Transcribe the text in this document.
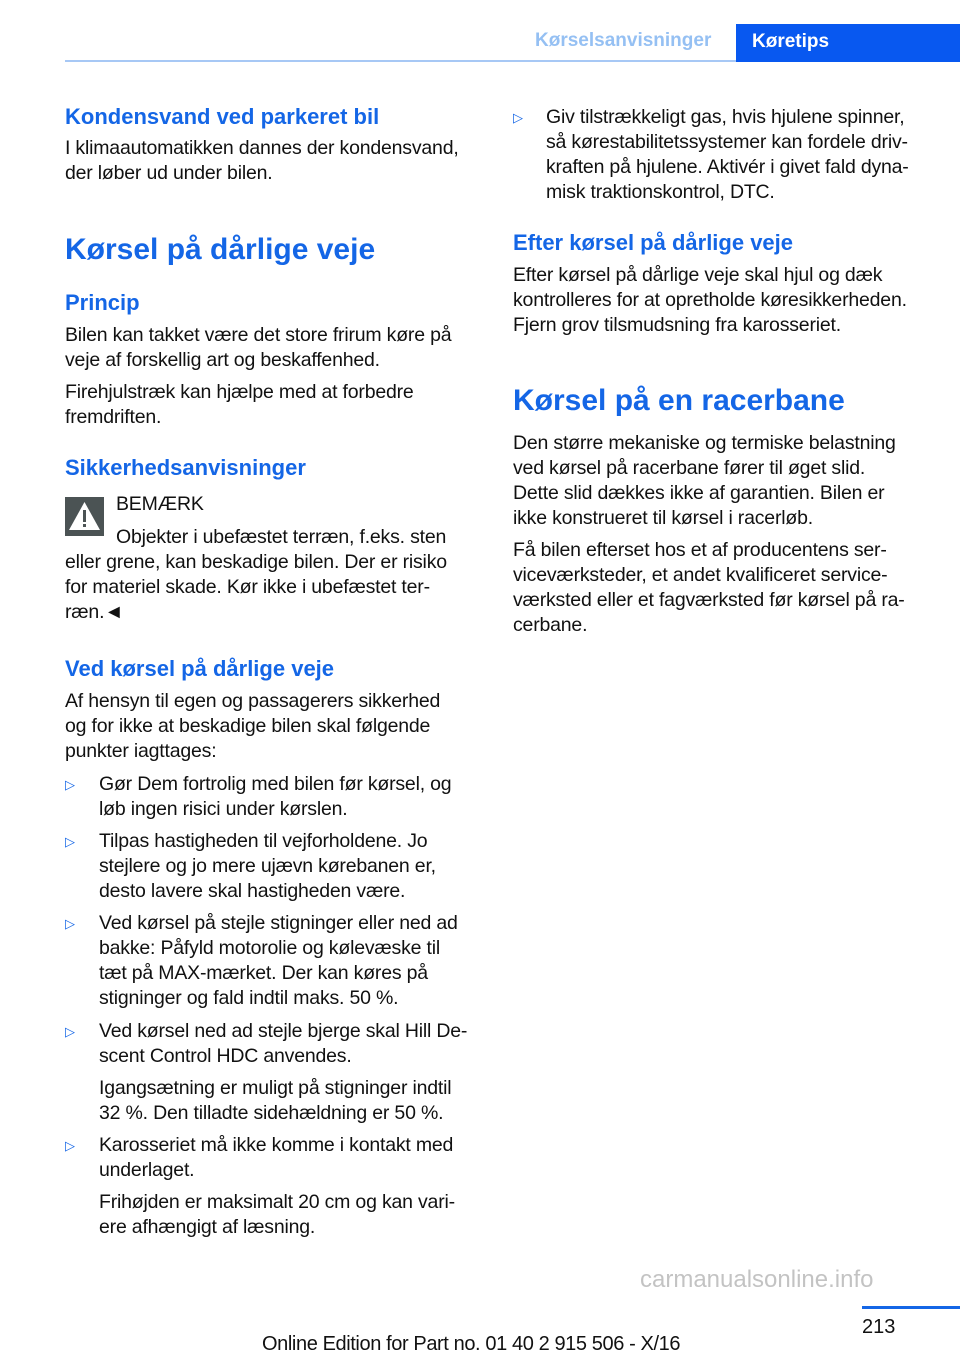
Kørselsanvisninger	Køretips
Kondensvand ved parkeret bil
I klimaautomatikken dannes der kondensvand,
der løber ud under bilen.
Kørsel på dårlige veje
Princip
Bilen kan takket være det store frirum køre på
veje af forskellig art og beskaffenhed.
Firehjulstræk kan hjælpe med at forbedre
fremdriften.
Sikkerhedsanvisninger
BEMÆRK
Objekter i ubefæstet terræn, f.eks. sten
eller grene, kan beskadige bilen. Der er risiko
for materiel skade. Kør ikke i ubefæstet ter-
ræn.◄
Ved kørsel på dårlige veje
Af hensyn til egen og passagerers sikkerhed
og for ikke at beskadige bilen skal følgende
punkter iagttages:
▷ Gør Dem fortrolig med bilen før kørsel, og
løb ingen risici under kørslen.
▷ Tilpas hastigheden til vejforholdene. Jo
stejlere og jo mere ujævn kørebanen er,
desto lavere skal hastigheden være.
▷ Ved kørsel på stejle stigninger eller ned ad
bakke: Påfyld motorolie og kølevæske til
tæt på MAX-mærket. Der kan køres på
stigninger og fald indtil maks. 50 %.
▷ Ved kørsel ned ad stejle bjerge skal Hill De-
scent Control HDC anvendes.
Igangsætning er muligt på stigninger indtil
32 %. Den tilladte sidehældning er 50 %.
▷ Karosseriet må ikke komme i kontakt med
underlaget.
Frihøjden er maksimalt 20 cm og kan vari-
ere afhængigt af læsning.
▷ Giv tilstrækkeligt gas, hvis hjulene spinner,
så kørestabilitetssystemer kan fordele driv-
kraften på hjulene. Aktivér i givet fald dyna-
misk traktionskontrol, DTC.
Efter kørsel på dårlige veje
Efter kørsel på dårlige veje skal hjul og dæk
kontrolleres for at opretholde køresikkerheden.
Fjern grov tilsmudsning fra karosseriet.
Kørsel på en racerbane
Den større mekaniske og termiske belastning
ved kørsel på racerbane fører til øget slid.
Dette slid dækkes ikke af garantien. Bilen er
ikke konstrueret til kørsel i racerløb.
Få bilen efterset hos et af producentens ser-
viceværksteder, et andet kvalificeret service-
værksted eller et fagværksted før kørsel på ra-
cerbane.
carmanualsonline.info
213
Online Edition for Part no. 01 40 2 915 506 - X/16
